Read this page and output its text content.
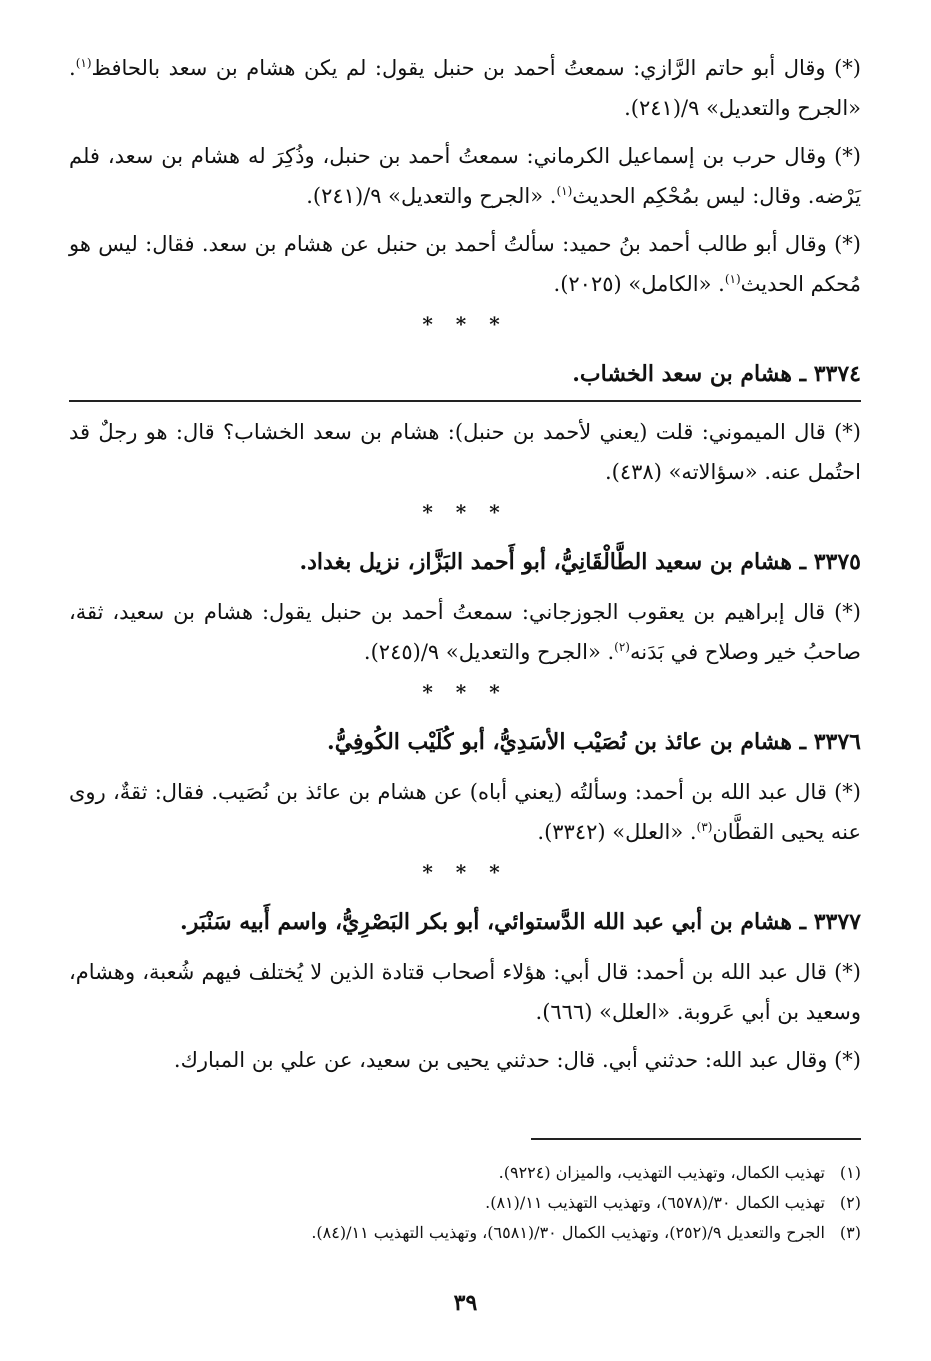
(*) وقال أبو حاتم الرَّازي: سمعتُ أحمد بن حنبل يقول: لم يكن هشام بن سعد بالحافظ$^{(١)}$. «الجرح والتعديل» ٩/(٢٤١).

(*) وقال حرب بن إسماعيل الكرماني: سمعتُ أحمد بن حنبل، وذُكِرَ له هشام بن سعد، فلم يَرْضه. وقال: ليس بمُحْكِم الحديث$^{(١)}$. «الجرح والتعديل» ٩/(٢٤١).

(*) وقال أبو طالب أحمد بنُ حميد: سألتُ أحمد بن حنبل عن هشام بن سعد. فقال: ليس هو مُحكم الحديث$^{(١)}$. «الكامل» (٢٠٢٥).

* * *
٣٣٧٤ ـ هشام بن سعد الخشاب.

(*) قال الميموني: قلت (يعني لأحمد بن حنبل): هشام بن سعد الخشاب؟ قال: هو رجلٌ قد احتُمل عنه. «سؤالاته» (٤٣٨).

* * *
٣٣٧٥ ـ هشام بن سعيد الطَّالْقَانِيُّ، أبو أَحمد البَزَّاز، نزيل بغداد.

(*) قال إبراهيم بن يعقوب الجوزجاني: سمعتُ أحمد بن حنبل يقول: هشام بن سعيد، ثقة، صاحبُ خير وصلاح في بَدَنه$^{(٢)}$. «الجرح والتعديل» ٩/(٢٤٥).

* * *
٣٣٧٦ ـ هشام بن عائذ بن نُصَيْب الأسَدِيُّ، أبو كُلَيْب الكُوفِيُّ.

(*) قال عبد الله بن أحمد: وسألتُه (يعني أباه) عن هشام بن عائذ بن نُصَيب. فقال: ثقةٌ، روى عنه يحيى القطَّان$^{(٣)}$. «العلل» (٣٣٤٢).

* * *
٣٣٧٧ ـ هشام بن أبي عبد الله الدَّستوائي، أبو بكر البَصْرِيُّ، واسم أَبيه سَنْبَر.

(*) قال عبد الله بن أحمد: قال أبي: هؤلاء أصحاب قتادة الذين لا يُختلف فيهم شُعبة، وهشام، وسعيد بن أبي عَروبة. «العلل» (٦٦٦).

(*) وقال عبد الله: حدثني أبي. قال: حدثني يحيى بن سعيد، عن علي بن المبارك.

(١)تهذيب الكمال، وتهذيب التهذيب، والميزان (٩٢٢٤).

(٢)تهذيب الكمال ٣٠/(٦٥٧٨)، وتهذيب التهذيب ١١/(٨١).

(٣)الجرح والتعديل ٩/(٢٥٢)، وتهذيب الكمال ٣٠/(٦٥٨١)، وتهذيب التهذيب ١١/(٨٤).

٣٩
